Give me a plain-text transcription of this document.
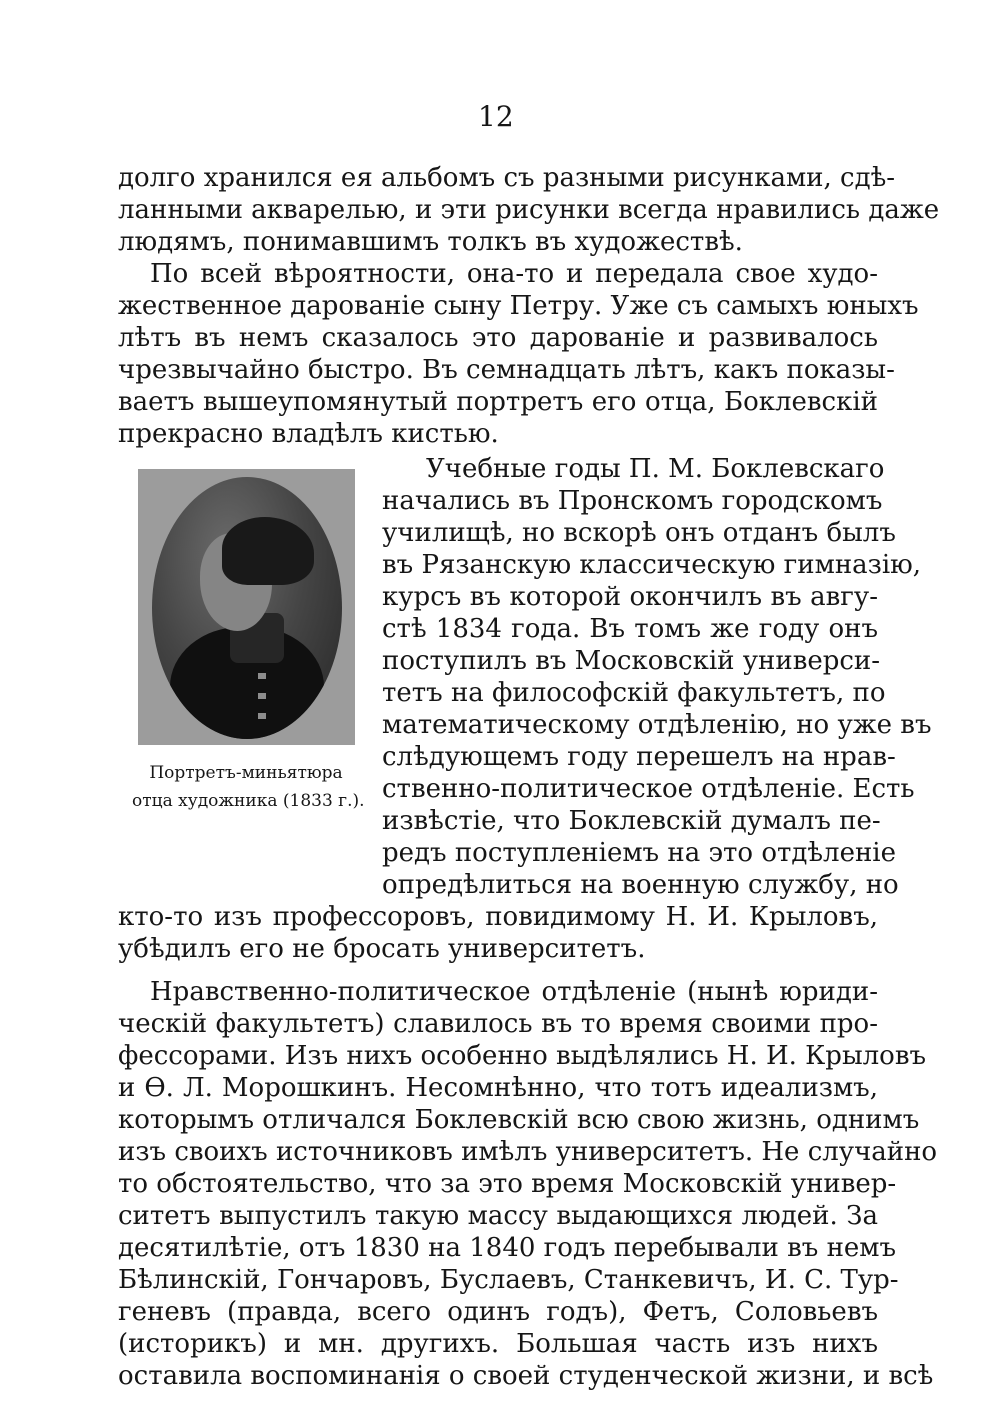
12
долго хранился ея альбомъ съ разными рисунками, сдѣ-
ланными акварелью, и эти рисунки всегда нравились даже
людямъ, понимавшимъ толкъ въ художествѣ.
По всей вѣроятности, она-то и передала свое худо-
жественное дарованіе сыну Петру. Уже съ самыхъ юныхъ
лѣтъ въ немъ сказалось это дарованіе и развивалось
чрезвычайно быстро. Въ семнадцать лѣтъ, какъ показы-
ваетъ вышеупомянутый портретъ его отца, Боклевскій
прекрасно владѣлъ кистью.
Учебные годы П. М. Боклевскаго
начались въ Пронскомъ городскомъ
училищѣ, но вскорѣ онъ отданъ былъ
въ Рязанскую классическую гимназію,
курсъ въ которой окончилъ въ авгу-
стѣ 1834 года. Въ томъ же году онъ
поступилъ въ Московскій универси-
тетъ на философскій факультетъ, по
математическому отдѣленію, но уже въ
слѣдующемъ году перешелъ на нрав-
ственно-политическое отдѣленіе. Есть
извѣстіе, что Боклевскій думалъ пе-
редъ поступленіемъ на это отдѣленіе
опредѣлиться на военную службу, но
кто-то изъ профессоровъ, повидимому Н. И. Крыловъ,
убѣдилъ его не бросать университетъ.
Нравственно-политическое отдѣленіе (нынѣ юриди-
ческій факультетъ) славилось въ то время своими про-
фессорами. Изъ нихъ особенно выдѣлялись Н. И. Крыловъ
и Ѳ. Л. Морошкинъ. Несомнѣнно, что тотъ идеализмъ,
которымъ отличался Боклевскій всю свою жизнь, однимъ
изъ своихъ источниковъ имѣлъ университетъ. Не случайно
то обстоятельство, что за это время Московскій универ-
ситетъ выпустилъ такую массу выдающихся людей. За
десятилѣтіе, отъ 1830 на 1840 годъ перебывали въ немъ
Бѣлинскій, Гончаровъ, Буслаевъ, Станкевичъ, И. С. Тур-
геневъ (правда, всего одинъ годъ), Фетъ, Соловьевъ
(историкъ) и мн. другихъ. Большая часть изъ нихъ
оставила воспоминанія о своей студенческой жизни, и всѣ
Портретъ-миньятюра
отца художника (1833 г.).
